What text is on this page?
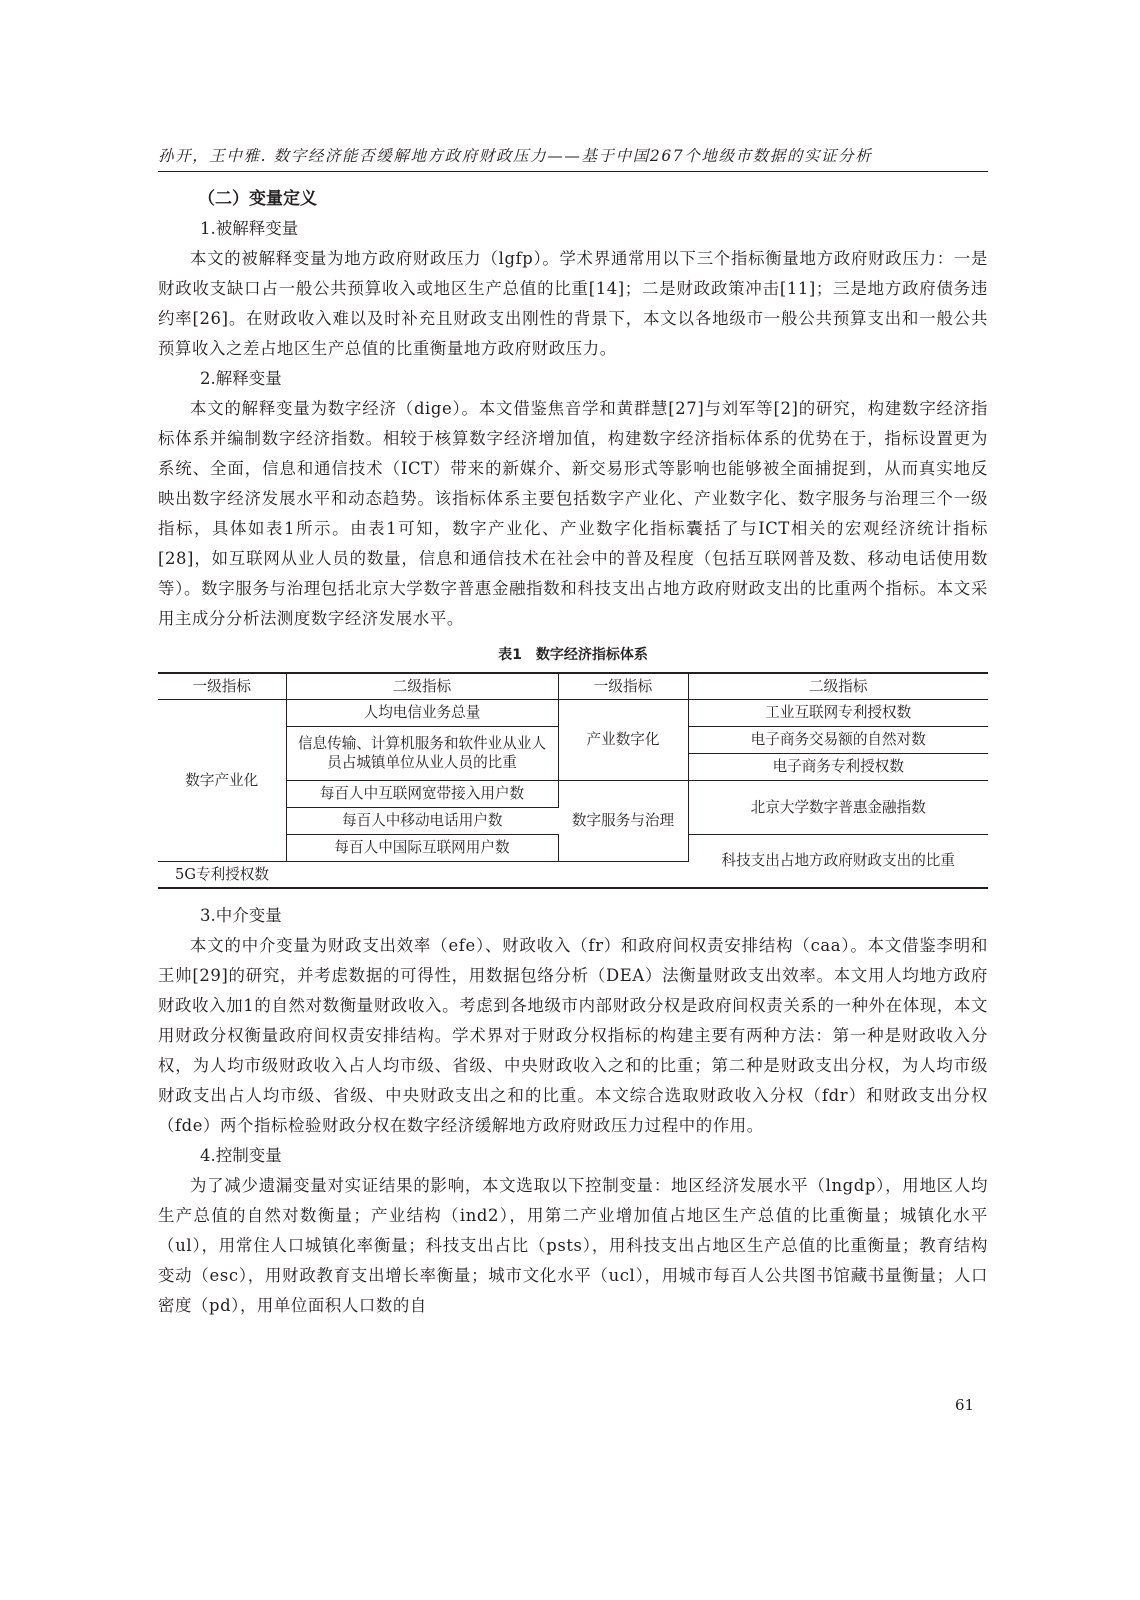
孙开，王中雅. 数字经济能否缓解地方政府财政压力——基于中国267个地级市数据的实证分析
（二）变量定义
1.被解释变量
本文的被解释变量为地方政府财政压力（lgfp）。学术界通常用以下三个指标衡量地方政府财政压力：一是财政收支缺口占一般公共预算收入或地区生产总值的比重[14]；二是财政政策冲击[11]；三是地方政府债务违约率[26]。在财政收入难以及时补充且财政支出刚性的背景下，本文以各地级市一般公共预算支出和一般公共预算收入之差占地区生产总值的比重衡量地方政府财政压力。
2.解释变量
本文的解释变量为数字经济（dige）。本文借鉴焦音学和黄群慧[27]与刘军等[2]的研究，构建数字经济指标体系并编制数字经济指数。相较于核算数字经济增加值，构建数字经济指标体系的优势在于，指标设置更为系统、全面，信息和通信技术（ICT）带来的新媒介、新交易形式等影响也能够被全面捕捉到，从而真实地反映出数字经济发展水平和动态趋势。该指标体系主要包括数字产业化、产业数字化、数字服务与治理三个一级指标，具体如表1所示。由表1可知，数字产业化、产业数字化指标囊括了与ICT相关的宏观经济统计指标[28]，如互联网从业人员的数量，信息和通信技术在社会中的普及程度（包括互联网普及数、移动电话使用数等）。数字服务与治理包括北京大学数字普惠金融指数和科技支出占地方政府财政支出的比重两个指标。本文采用主成分分析法测度数字经济发展水平。
表1 数字经济指标体系
一级指标	二级指标	一级指标	二级指标
数字产业化	人均电信业务总量	产业数字化	工业互联网专利授权数
	信息传输、计算机服务和软件业从业人员占城镇单位从业人员的比重		电子商务交易额的自然对数
			电子商务专利授权数
	每百人中互联网宽带接入用户数	数字服务与治理	北京大学数字普惠金融指数
	每百人中移动电话用户数		
	每百人中国际互联网用户数		科技支出占地方政府财政支出的比重
5G专利授权数			
3.中介变量
本文的中介变量为财政支出效率（efe）、财政收入（fr）和政府间权责安排结构（caa）。本文借鉴李明和王帅[29]的研究，并考虑数据的可得性，用数据包络分析（DEA）法衡量财政支出效率。本文用人均地方政府财政收入加1的自然对数衡量财政收入。考虑到各地级市内部财政分权是政府间权责关系的一种外在体现，本文用财政分权衡量政府间权责安排结构。学术界对于财政分权指标的构建主要有两种方法：第一种是财政收入分权，为人均市级财政收入占人均市级、省级、中央财政收入之和的比重；第二种是财政支出分权，为人均市级财政支出占人均市级、省级、中央财政支出之和的比重。本文综合选取财政收入分权（fdr）和财政支出分权（fde）两个指标检验财政分权在数字经济缓解地方政府财政压力过程中的作用。
4.控制变量
为了减少遗漏变量对实证结果的影响，本文选取以下控制变量：地区经济发展水平（lngdp），用地区人均生产总值的自然对数衡量；产业结构（ind2），用第二产业增加值占地区生产总值的比重衡量；城镇化水平（ul），用常住人口城镇化率衡量；科技支出占比（psts），用科技支出占地区生产总值的比重衡量；教育结构变动（esc），用财政教育支出增长率衡量；城市文化水平（ucl），用城市每百人公共图书馆藏书量衡量；人口密度（pd），用单位面积人口数的自
61
